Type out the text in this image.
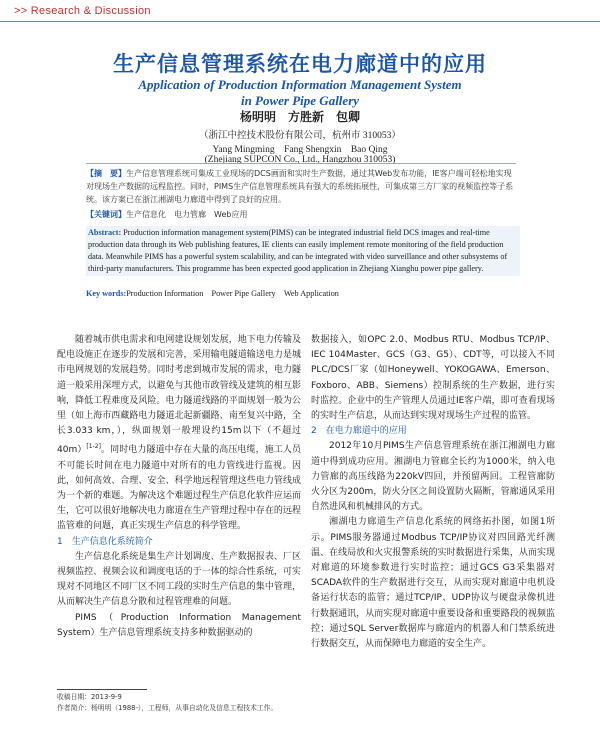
>> Research & Discussion
生产信息管理系统在电力廊道中的应用
Application of Production Information Management System
in Power Pipe Gallery
杨明明　方胜新　包卿
（浙江中控技术股份有限公司，杭州市 310053）
Yang Mingming　Fang Shengxin　Bao Qing
(Zhejiang SUPCON Co., Ltd., Hangzhou 310053)
【摘　要】生产信息管理系统可集成工业现场的DCS画面和实时生产数据，通过其Web发布功能，IE客户端可轻松地实现对现场生产数据的远程监控。同时，PIMS生产信息管理系统具有强大的系统拓展性，可集成第三方厂家的视频监控等子系统。该方案已在浙江湘湖电力廊道中得到了良好的应用。
【关键词】生产信息化　电力管廊　Web应用
Abstract: Production information management system(PIMS) can be integrated industrial field DCS images and real-time production data through its Web publishing features, IE clients can easily implement remote monitoring of the field production data. Meanwhile PIMS has a powerful system scalability, and can be integrated with video surveillance and other subsystems of third-party manufacturers. This programme has been expected good application in Zhejiang Xianghu power pipe gallery.
Key words:Production Information　Power Pipe Gallery　Web Application

随着城市供电需求和电网建设规划发展，地下电力传输及配电设施正在逐步的发展和完善，采用输电隧道输送电力是城市电网规划的发展趋势。同时考虑到城市发展的需求，电力隧道一般采用深埋方式，以避免与其他市政管线及建筑的相互影响，降低工程难度及风险。电力隧道线路的平面规划一般为公里（如上海市西藏路电力隧道北起新疆路、南至复兴中路，全长3.033 km，），纵面规划一般埋设约15m以下（不超过40m）[1-2]。同时电力隧道中存在大量的高压电缆，施工人员不可能长时间在电力隧道中对所有的电力管线进行监视。因此，如何高效、合理、安全、科学地远程管理这些电力管线成为一个新的难题。为解决这个难题过程生产信息化软件应运而生，它可以很好地解决电力廊道在生产管理过程中存在的远程监管难的问题，真正实现生产信息的科学管理。

1　生产信息化系统简介

生产信息化系统是集生产计划调度、生产数据报表、厂区视频监控、视频会议和调度电话的于一体的综合性系统，可实现对不同地区不同厂区不同工段的实时生产信息的集中管理，从而解决生产信息分散和过程管理难的问题。

PIMS（Production Information Management System）生产信息管理系统支持多种数据驱动的

数据接入，如OPC 2.0、Modbus RTU、Modbus TCP/IP、IEC 104Master、GCS（G3、G5）、CDT等，可以接入不同PLC/DCS厂家（如Honeywell、YOKOGAWA、Emerson、Foxboro、ABB、Siemens）控制系统的生产数据，进行实时监控。企业中的生产管理人员通过IE客户端，即可查看现场的实时生产信息，从而达到实现对现场生产过程的监管。

2　在电力廊道中的应用

2012年10月PIMS生产信息管理系统在浙江湘湖电力廊道中得到成功应用。湘湖电力管廊全长约为1000米，纳入电力管廊的高压线路为220kV四回，并预留两回。工程管廊防火分区为200m，防火分区之间设置防火隔断，管廊通风采用自然进风和机械排风的方式。

湘湖电力廊道生产信息化系统的网络拓扑图，如图1所示。PIMS服务器通过Modbus TCP/IP协议对四回路光纤测温、在线局放和火灾报警系统的实时数据进行采集，从而实现对廊道的环境参数进行实时监控；通过GCS G3采集器对SCADA软件的生产数据进行交互，从而实现对廊道中电机设备运行状态的监管；通过TCP/IP、UDP协议与硬盘录像机进行数据通讯，从而实现对廊道中重要设备和重要路段的视频监控；通过SQL Server数据库与廊道内的机器人和门禁系统进行数据交互，从而保障电力廊道的安全生产。

收稿日期：2013-9-9

作者简介：杨明明（1988-），工程师，从事自动化及信息工程技术工作。
